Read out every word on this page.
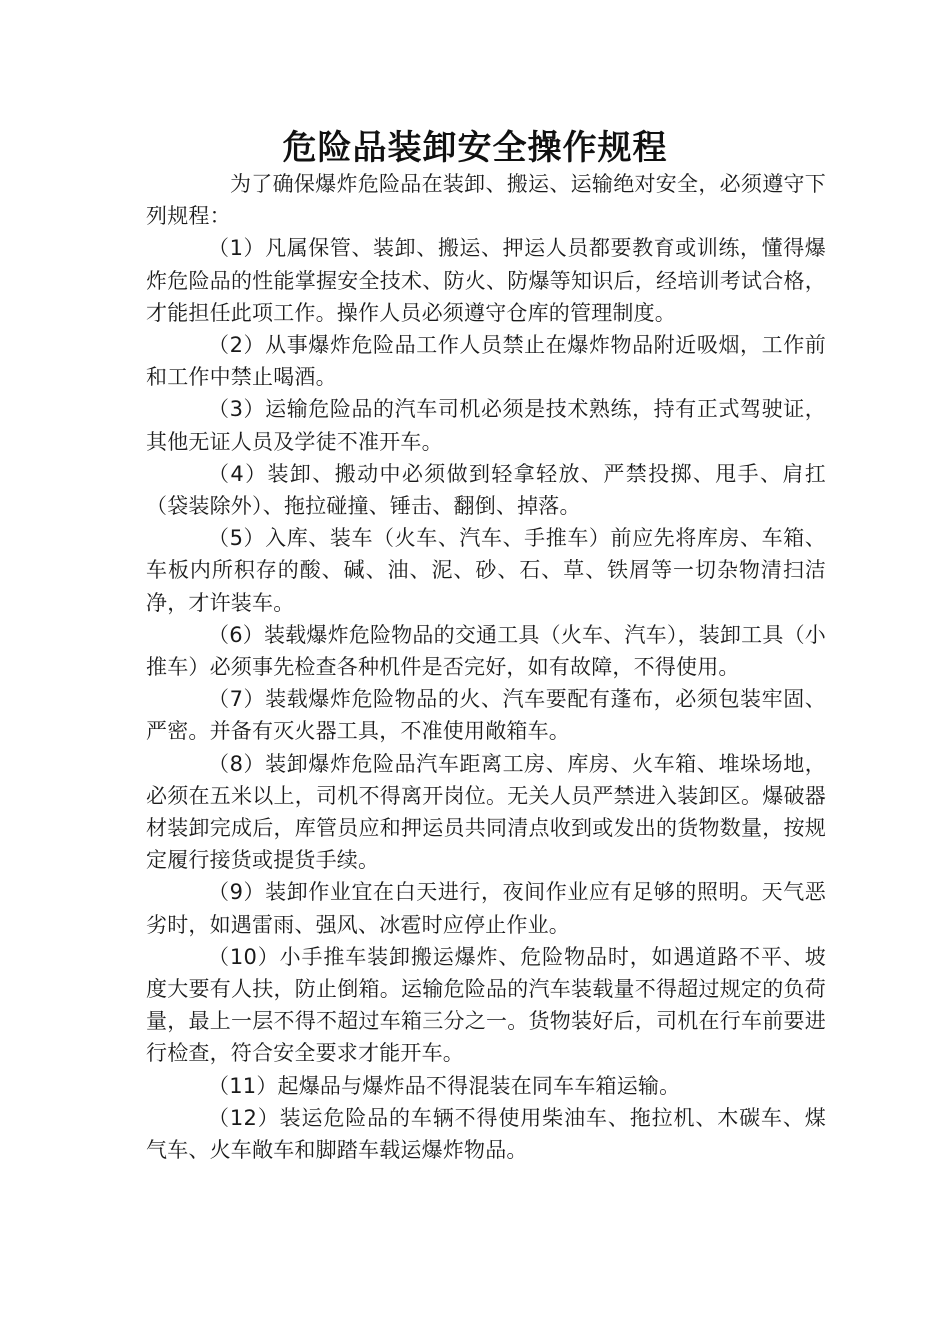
危险品装卸安全操作规程

为了确保爆炸危险品在装卸、搬运、运输绝对安全，必须遵守下列规程：

（1）凡属保管、装卸、搬运、押运人员都要教育或训练，懂得爆炸危险品的性能掌握安全技术、防火、防爆等知识后，经培训考试合格，才能担任此项工作。操作人员必须遵守仓库的管理制度。

（2）从事爆炸危险品工作人员禁止在爆炸物品附近吸烟，工作前和工作中禁止喝酒。

（3）运输危险品的汽车司机必须是技术熟练，持有正式驾驶证，其他无证人员及学徒不准开车。

（4）装卸、搬动中必须做到轻拿轻放、严禁投掷、甩手、肩扛（袋装除外）、拖拉碰撞、锤击、翻倒、掉落。

（5）入库、装车（火车、汽车、手推车）前应先将库房、车箱、车板内所积存的酸、碱、油、泥、砂、石、草、铁屑等一切杂物清扫洁净，才许装车。

（6）装载爆炸危险物品的交通工具（火车、汽车），装卸工具（小推车）必须事先检查各种机件是否完好，如有故障，不得使用。

（7）装载爆炸危险物品的火、汽车要配有蓬布，必须包装牢固、严密。并备有灭火器工具，不准使用敞箱车。

（8）装卸爆炸危险品汽车距离工房、库房、火车箱、堆垛场地，必须在五米以上，司机不得离开岗位。无关人员严禁进入装卸区。爆破器材装卸完成后，库管员应和押运员共同清点收到或发出的货物数量，按规定履行接货或提货手续。

（9）装卸作业宜在白天进行，夜间作业应有足够的照明。天气恶劣时，如遇雷雨、强风、冰雹时应停止作业。

（10）小手推车装卸搬运爆炸、危险物品时，如遇道路不平、坡度大要有人扶，防止倒箱。运输危险品的汽车装载量不得超过规定的负荷量，最上一层不得不超过车箱三分之一。货物装好后，司机在行车前要进行检查，符合安全要求才能开车。

（11）起爆品与爆炸品不得混装在同车车箱运输。

（12）装运危险品的车辆不得使用柴油车、拖拉机、木碳车、煤气车、火车敞车和脚踏车载运爆炸物品。
